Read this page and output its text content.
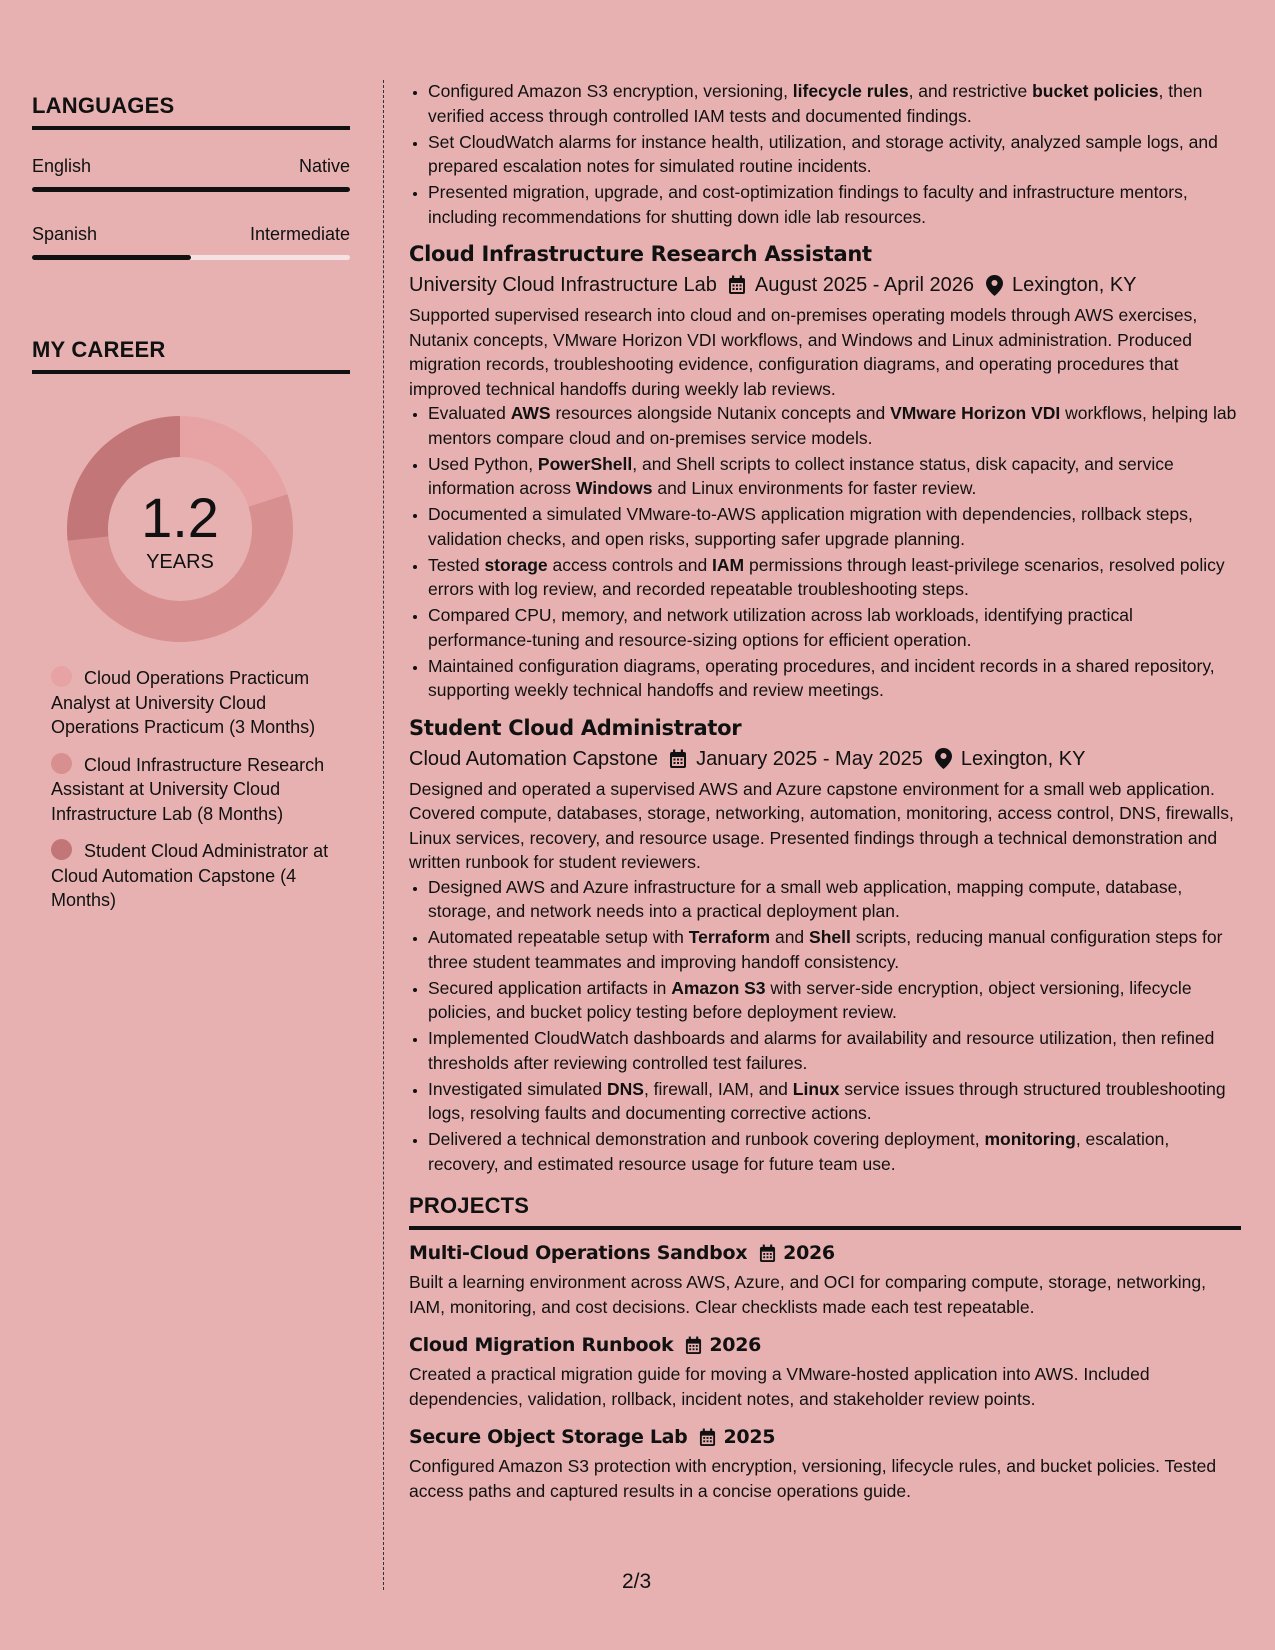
LANGUAGES
English	Native
Spanish	Intermediate
MY CAREER
1.2
YEARS
Cloud Operations Practicum Analyst at University Cloud Operations Practicum (3 Months)
Cloud Infrastructure Research Assistant at University Cloud Infrastructure Lab (8 Months)
Student Cloud Administrator at Cloud Automation Capstone (4 Months)
• Configured Amazon S3 encryption, versioning, lifecycle rules, and restrictive bucket policies, then verified access through controlled IAM tests and documented findings.
• Set CloudWatch alarms for instance health, utilization, and storage activity, analyzed sample logs, and prepared escalation notes for simulated routine incidents.
• Presented migration, upgrade, and cost-optimization findings to faculty and infrastructure mentors, including recommendations for shutting down idle lab resources.
Cloud Infrastructure Research Assistant
University Cloud Infrastructure Lab August 2025 - April 2026 Lexington, KY

Supported supervised research into cloud and on-premises operating models through AWS exercises, Nutanix concepts, VMware Horizon VDI workflows, and Windows and Linux administration. Produced migration records, troubleshooting evidence, configuration diagrams, and operating procedures that improved technical handoffs during weekly lab reviews.

• Evaluated AWS resources alongside Nutanix concepts and VMware Horizon VDI workflows, helping lab mentors compare cloud and on-premises service models.
• Used Python, PowerShell, and Shell scripts to collect instance status, disk capacity, and service information across Windows and Linux environments for faster review.
• Documented a simulated VMware-to-AWS application migration with dependencies, rollback steps, validation checks, and open risks, supporting safer upgrade planning.
• Tested storage access controls and IAM permissions through least-privilege scenarios, resolved policy errors with log review, and recorded repeatable troubleshooting steps.
• Compared CPU, memory, and network utilization across lab workloads, identifying practical performance-tuning and resource-sizing options for efficient operation.
• Maintained configuration diagrams, operating procedures, and incident records in a shared repository, supporting weekly technical handoffs and review meetings.
Student Cloud Administrator
Cloud Automation Capstone January 2025 - May 2025 Lexington, KY

Designed and operated a supervised AWS and Azure capstone environment for a small web application. Covered compute, databases, storage, networking, automation, monitoring, access control, DNS, firewalls, Linux services, recovery, and resource usage. Presented findings through a technical demonstration and written runbook for student reviewers.

• Designed AWS and Azure infrastructure for a small web application, mapping compute, database, storage, and network needs into a practical deployment plan.
• Automated repeatable setup with Terraform and Shell scripts, reducing manual configuration steps for three student teammates and improving handoff consistency.
• Secured application artifacts in Amazon S3 with server-side encryption, object versioning, lifecycle policies, and bucket policy testing before deployment review.
• Implemented CloudWatch dashboards and alarms for availability and resource utilization, then refined thresholds after reviewing controlled test failures.
• Investigated simulated DNS, firewall, IAM, and Linux service issues through structured troubleshooting logs, resolving faults and documenting corrective actions.
• Delivered a technical demonstration and runbook covering deployment, monitoring, escalation, recovery, and estimated resource usage for future team use.
PROJECTS
Multi-Cloud Operations Sandbox 2026

Built a learning environment across AWS, Azure, and OCI for comparing compute, storage, networking, IAM, monitoring, and cost decisions. Clear checklists made each test repeatable.

Cloud Migration Runbook 2026

Created a practical migration guide for moving a VMware-hosted application into AWS. Included dependencies, validation, rollback, incident notes, and stakeholder review points.

Secure Object Storage Lab 2025

Configured Amazon S3 protection with encryption, versioning, lifecycle rules, and bucket policies. Tested access paths and captured results in a concise operations guide.

2/3
